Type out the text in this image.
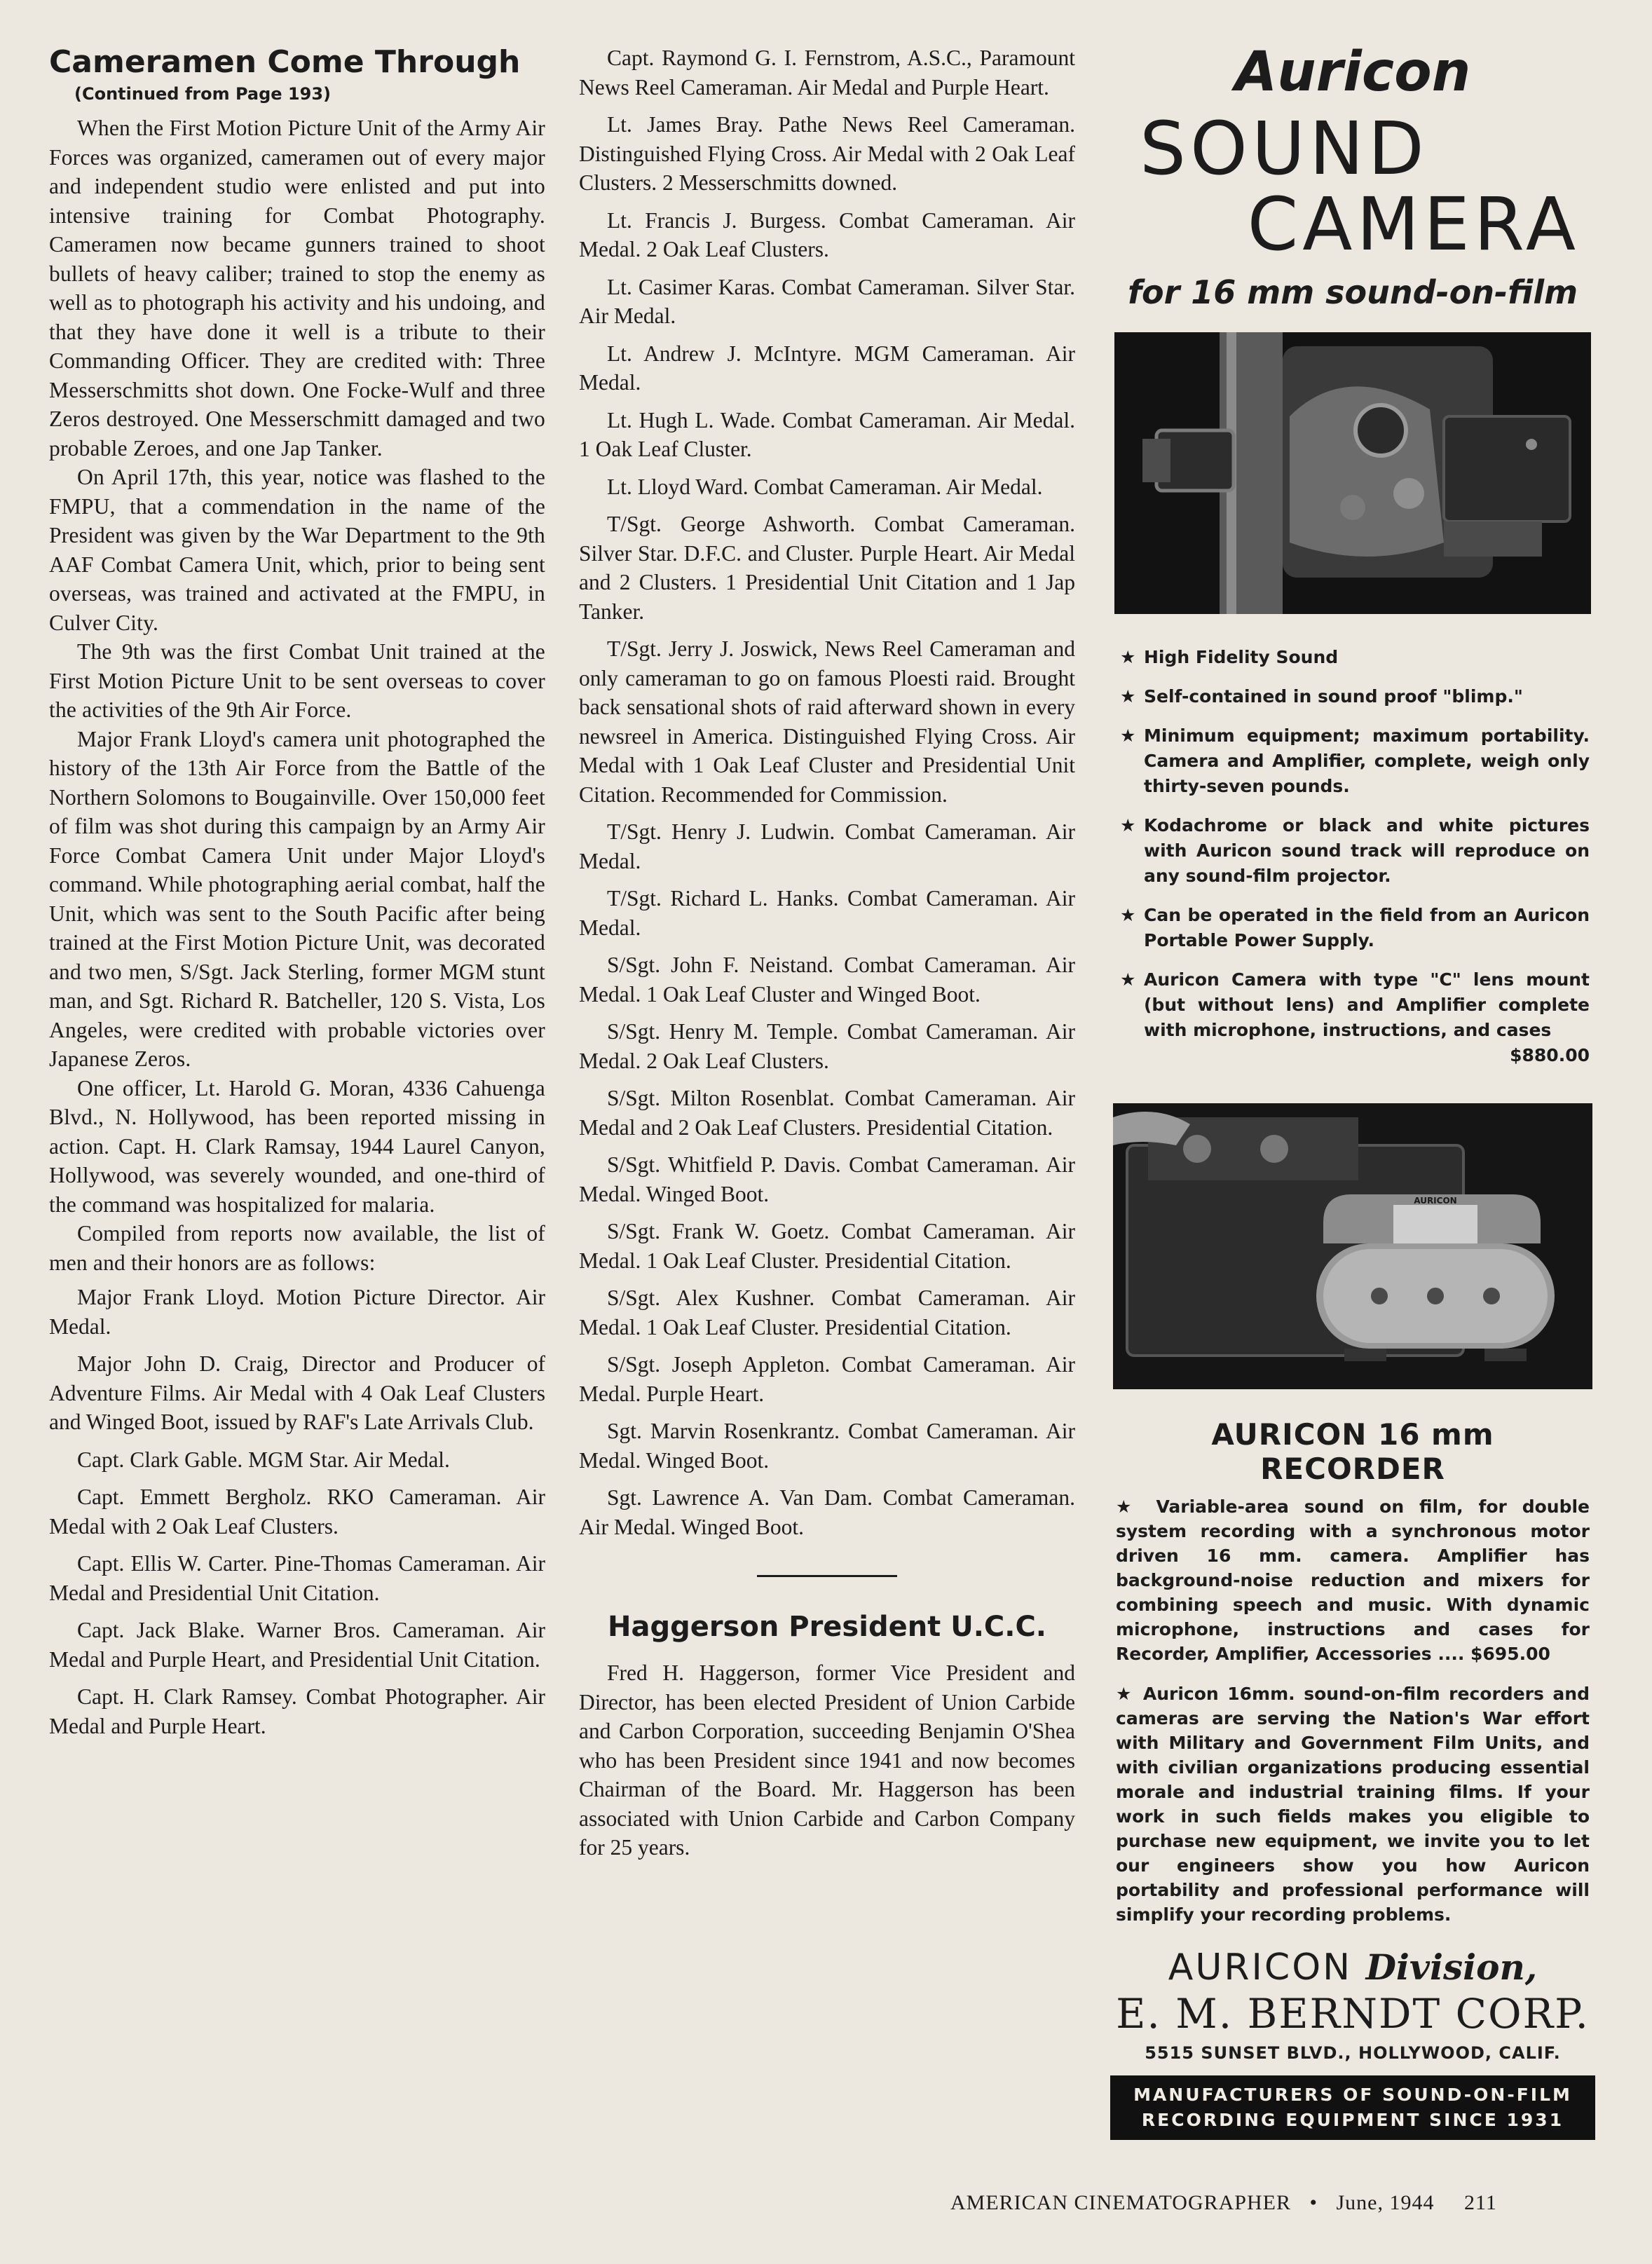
Cameramen Come Through
(Continued from Page 193)

When the First Motion Picture Unit of the Army Air Forces was organized, cameramen out of every major and independent studio were enlisted and put into intensive training for Combat Photography. Cameramen now became gunners trained to shoot bullets of heavy caliber; trained to stop the enemy as well as to photograph his activity and his undoing, and that they have done it well is a tribute to their Commanding Officer. They are credited with: Three Messerschmitts shot down. One Focke-Wulf and three Zeros destroyed. One Messerschmitt damaged and two probable Zeroes, and one Jap Tanker.

On April 17th, this year, notice was flashed to the FMPU, that a commendation in the name of the President was given by the War Department to the 9th AAF Combat Camera Unit, which, prior to being sent overseas, was trained and activated at the FMPU, in Culver City.

The 9th was the first Combat Unit trained at the First Motion Picture Unit to be sent overseas to cover the activities of the 9th Air Force.

Major Frank Lloyd's camera unit photographed the history of the 13th Air Force from the Battle of the Northern Solomons to Bougainville. Over 150,000 feet of film was shot during this campaign by an Army Air Force Combat Camera Unit under Major Lloyd's command. While photographing aerial combat, half the Unit, which was sent to the South Pacific after being trained at the First Motion Picture Unit, was decorated and two men, S/Sgt. Jack Sterling, former MGM stunt man, and Sgt. Richard R. Batcheller, 120 S. Vista, Los Angeles, were credited with probable victories over Japanese Zeros.

One officer, Lt. Harold G. Moran, 4336 Cahuenga Blvd., N. Hollywood, has been reported missing in action. Capt. H. Clark Ramsay, 1944 Laurel Canyon, Hollywood, was severely wounded, and one-third of the command was hospitalized for malaria.

Compiled from reports now available, the list of men and their honors are as follows:

Major Frank Lloyd. Motion Picture Director. Air Medal.

Major John D. Craig, Director and Producer of Adventure Films. Air Medal with 4 Oak Leaf Clusters and Winged Boot, issued by RAF's Late Arrivals Club.

Capt. Clark Gable. MGM Star. Air Medal.

Capt. Emmett Bergholz. RKO Cameraman. Air Medal with 2 Oak Leaf Clusters.

Capt. Ellis W. Carter. Pine-Thomas Cameraman. Air Medal and Presidential Unit Citation.

Capt. Jack Blake. Warner Bros. Cameraman. Air Medal and Purple Heart, and Presidential Unit Citation.

Capt. H. Clark Ramsey. Combat Photographer. Air Medal and Purple Heart.

Capt. Raymond G. I. Fernstrom, A.S.C., Paramount News Reel Cameraman. Air Medal and Purple Heart.

Lt. James Bray. Pathe News Reel Cameraman. Distinguished Flying Cross. Air Medal with 2 Oak Leaf Clusters. 2 Messerschmitts downed.

Lt. Francis J. Burgess. Combat Cameraman. Air Medal. 2 Oak Leaf Clusters.

Lt. Casimer Karas. Combat Cameraman. Silver Star. Air Medal.

Lt. Andrew J. McIntyre. MGM Cameraman. Air Medal.

Lt. Hugh L. Wade. Combat Cameraman. Air Medal. 1 Oak Leaf Cluster.

Lt. Lloyd Ward. Combat Cameraman. Air Medal.

T/Sgt. George Ashworth. Combat Cameraman. Silver Star. D.F.C. and Cluster. Purple Heart. Air Medal and 2 Clusters. 1 Presidential Unit Citation and 1 Jap Tanker.

T/Sgt. Jerry J. Joswick, News Reel Cameraman and only cameraman to go on famous Ploesti raid. Brought back sensational shots of raid afterward shown in every newsreel in America. Distinguished Flying Cross. Air Medal with 1 Oak Leaf Cluster and Presidential Unit Citation. Recommended for Commission.

T/Sgt. Henry J. Ludwin. Combat Cameraman. Air Medal.

T/Sgt. Richard L. Hanks. Combat Cameraman. Air Medal.

S/Sgt. John F. Neistand. Combat Cameraman. Air Medal. 1 Oak Leaf Cluster and Winged Boot.

S/Sgt. Henry M. Temple. Combat Cameraman. Air Medal. 2 Oak Leaf Clusters.

S/Sgt. Milton Rosenblat. Combat Cameraman. Air Medal and 2 Oak Leaf Clusters. Presidential Citation.

S/Sgt. Whitfield P. Davis. Combat Cameraman. Air Medal. Winged Boot.

S/Sgt. Frank W. Goetz. Combat Cameraman. Air Medal. 1 Oak Leaf Cluster. Presidential Citation.

S/Sgt. Alex Kushner. Combat Cameraman. Air Medal. 1 Oak Leaf Cluster. Presidential Citation.

S/Sgt. Joseph Appleton. Combat Cameraman. Air Medal. Purple Heart.

Sgt. Marvin Rosenkrantz. Combat Cameraman. Air Medal. Winged Boot.

Sgt. Lawrence A. Van Dam. Combat Cameraman. Air Medal. Winged Boot.

Haggerson President U.C.C.

Fred H. Haggerson, former Vice President and Director, has been elected President of Union Carbide and Carbon Corporation, succeeding Benjamin O'Shea who has been President since 1941 and now becomes Chairman of the Board. Mr. Haggerson has been associated with Union Carbide and Carbon Company for 25 years.

Auricon
SOUND
CAMERA
for 16 mm sound-on-film
★ High Fidelity Sound
★ Self-contained in sound proof "blimp."
★ Minimum equipment; maximum portability. Camera and Amplifier, complete, weigh only thirty-seven pounds.
★ Kodachrome or black and white pictures with Auricon sound track will reproduce on any sound-film projector.
★ Can be operated in the field from an Auricon Portable Power Supply.
★ Auricon Camera with type "C" lens mount (but without lens) and Amplifier complete with microphone, instructions, and cases
$880.00
AURICON
AURICON 16 mm RECORDER

★ Variable-area sound on film, for double system recording with a synchronous motor driven 16 mm. camera. Amplifier has background-noise reduction and mixers for combining speech and music. With dynamic microphone, instructions and cases for Recorder, Amplifier, Accessories .... $695.00

★ Auricon 16mm. sound-on-film recorders and cameras are serving the Nation's War effort with Military and Government Film Units, and with civilian organizations producing essential morale and industrial training films. If your work in such fields makes you eligible to purchase new equipment, we invite you to let our engineers show you how Auricon portability and professional performance will simplify your recording problems.

AURICON Division,
E. M. BERNDT CORP.
5515 SUNSET BLVD., HOLLYWOOD, CALIF.
MANUFACTURERS OF SOUND-ON-FILM
RECORDING EQUIPMENT SINCE 1931
AMERICAN CINEMATOGRAPHER • June, 1944 211
